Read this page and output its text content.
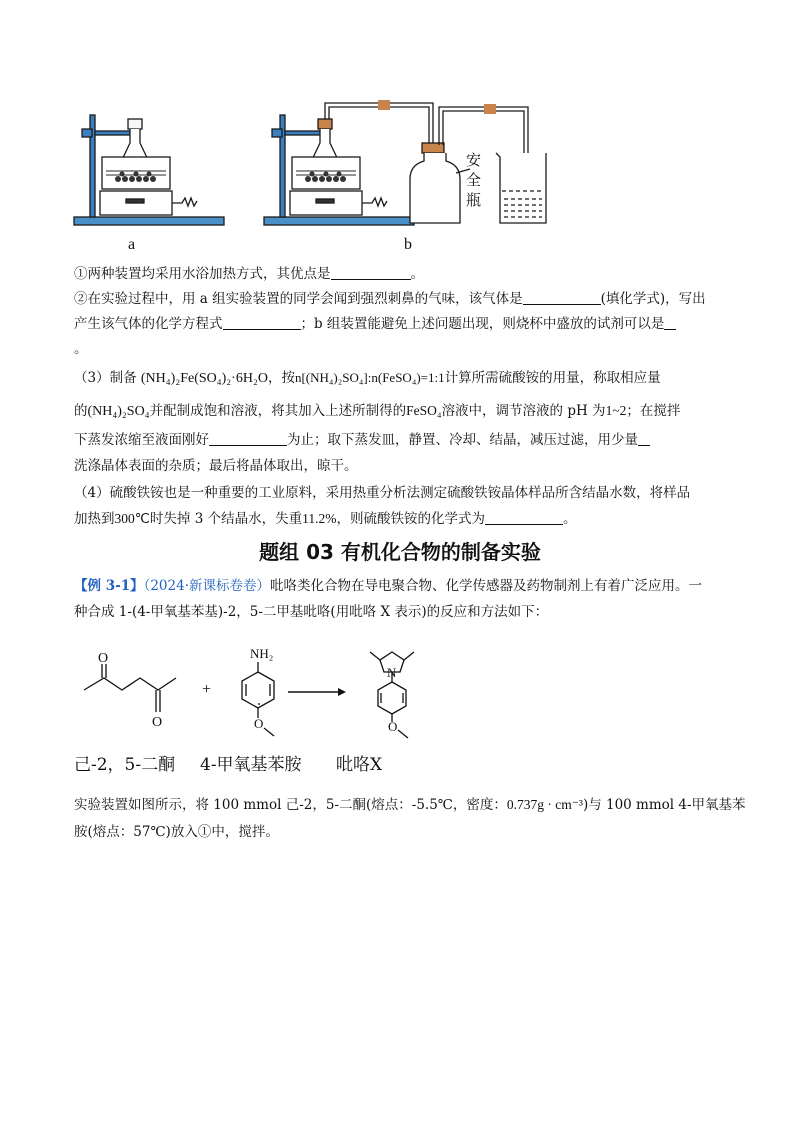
a	b
安
全
瓶
①两种装置均采用水浴加热方式，其优点是	。
②在实验过程中，用 a 组实验装置的同学会闻到强烈刺鼻的气味，该气体是	(填化学式)，写出
产生该气体的化学方程式	；b 组装置能避免上述问题出现，则烧杯中盛放的试剂可以是
。
（3）制备 (NH₄)₂Fe(SO₄)₂·6H₂O，按n[(NH₄)₂SO₄]:n(FeSO₄)=1:1计算所需硫酸铵的用量，称取相应量
的(NH₄)₂SO₄并配制成饱和溶液，将其加入上述所制得的FeSO₄溶液中，调节溶液的 pH 为1~2；在搅拌
下蒸发浓缩至液面刚好	为止；取下蒸发皿，静置、冷却、结晶，减压过滤，用少量
洗涤晶体表面的杂质；最后将晶体取出，晾干。
（4）硫酸铁铵也是一种重要的工业原料，采用热重分析法测定硫酸铁铵晶体样品所含结晶水数，将样品
加热到300℃时失掉 3 个结晶水，失重11.2%，则硫酸铁铵的化学式为	。
题组 03 有机化合物的制备实验
【例 3-1】（2024·新课标卷卷）吡咯类化合物在导电聚合物、化学传感器及药物制剂上有着广泛应用。一
种合成 1-(4-甲氧基苯基)-2，5-二甲基吡咯(用吡咯 X 表示)的反应和方法如下：
O
O
+
NH₂
O
N
O
己-2，5-二酮 4-甲氧基苯胺 吡咯X
实验装置如图所示，将 100 mmol 己-2，5-二酮(熔点：-5.5℃，密度：0.737g · cm⁻³)与 100 mmol 4-甲氧基苯
胺(熔点：57℃)放入①中，搅拌。
